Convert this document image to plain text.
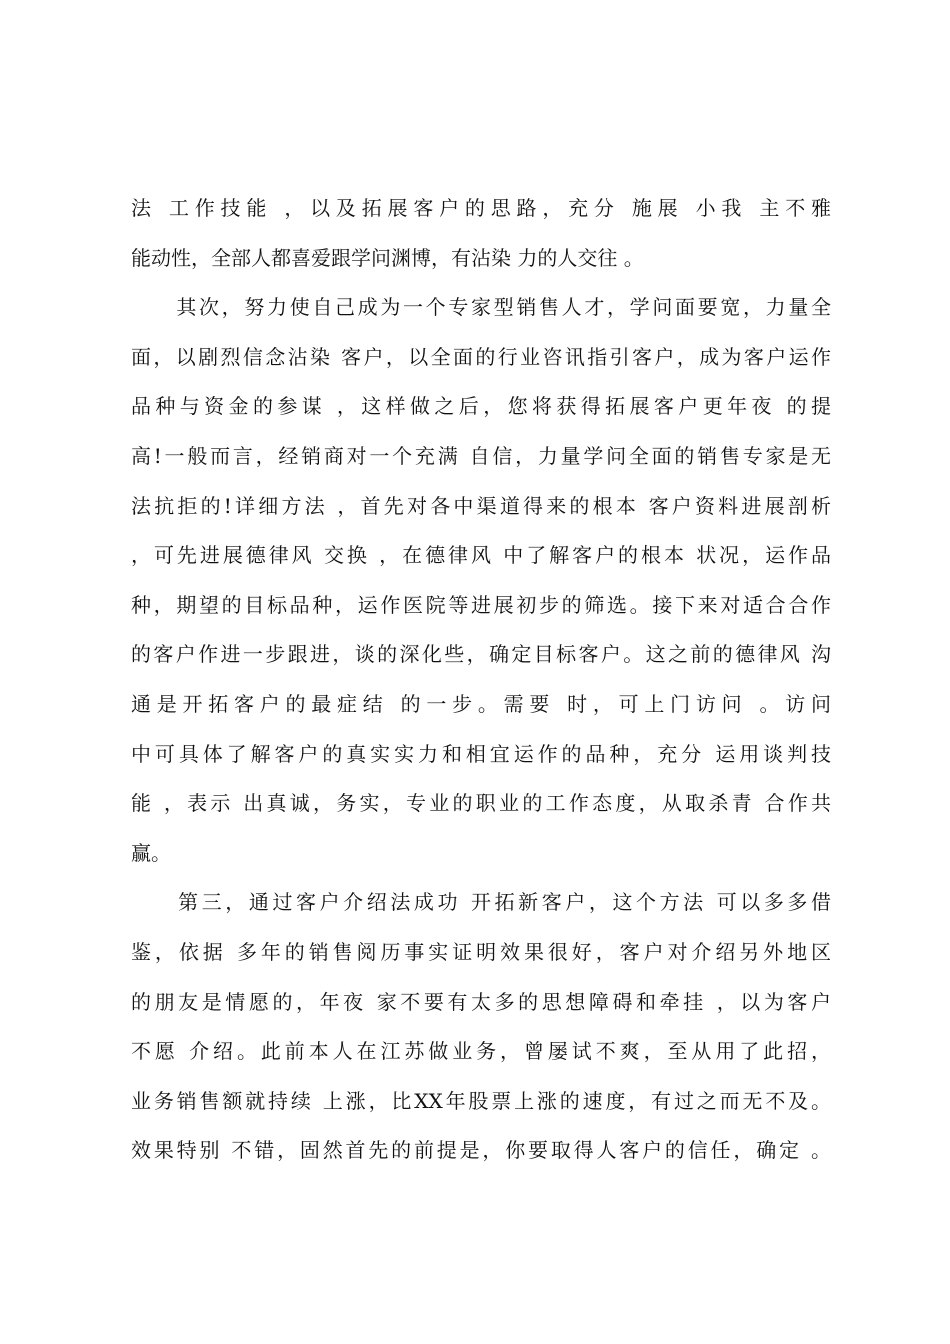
法 工作技能 ，以及拓展客户的思路，充分 施展 小我 主不雅
能动性，全部人都喜爱跟学问渊博，有沾染 力的人交往 。
　　其次，努力使自己成为一个专家型销售人才，学问面要宽，力量全
面，以剧烈信念沾染 客户，以全面的行业咨讯指引客户，成为客户运作
品种与资金的参谋 ，这样做之后，您将获得拓展客户更年夜 的提
高!一般而言，经销商对一个充满 自信，力量学问全面的销售专家是无
法抗拒的!详细方法 ，首先对各中渠道得来的根本 客户资料进展剖析
，可先进展德律风 交换 ，在德律风 中了解客户的根本 状况，运作品
种，期望的目标品种，运作医院等进展初步的筛选。接下来对适合合作
的客户作进一步跟进，谈的深化些，确定目标客户。这之前的德律风 沟
通是开拓客户的最症结 的一步。需要 时，可上门访问 。访问
中可具体了解客户的真实实力和相宜运作的品种，充分 运用谈判技
能 ，表示 出真诚，务实，专业的职业的工作态度，从取杀青 合作共
赢。
　　第三，通过客户介绍法成功 开拓新客户，这个方法 可以多多借
鉴，依据 多年的销售阅历事实证明效果很好，客户对介绍另外地区
的朋友是情愿的，年夜 家不要有太多的思想障碍和牵挂 ，以为客户
不愿 介绍。此前本人在江苏做业务，曾屡试不爽，至从用了此招，
业务销售额就持续 上涨，比XX年股票上涨的速度，有过之而无不及。
效果特别 不错，固然首先的前提是，你要取得人客户的信任，确定 。
